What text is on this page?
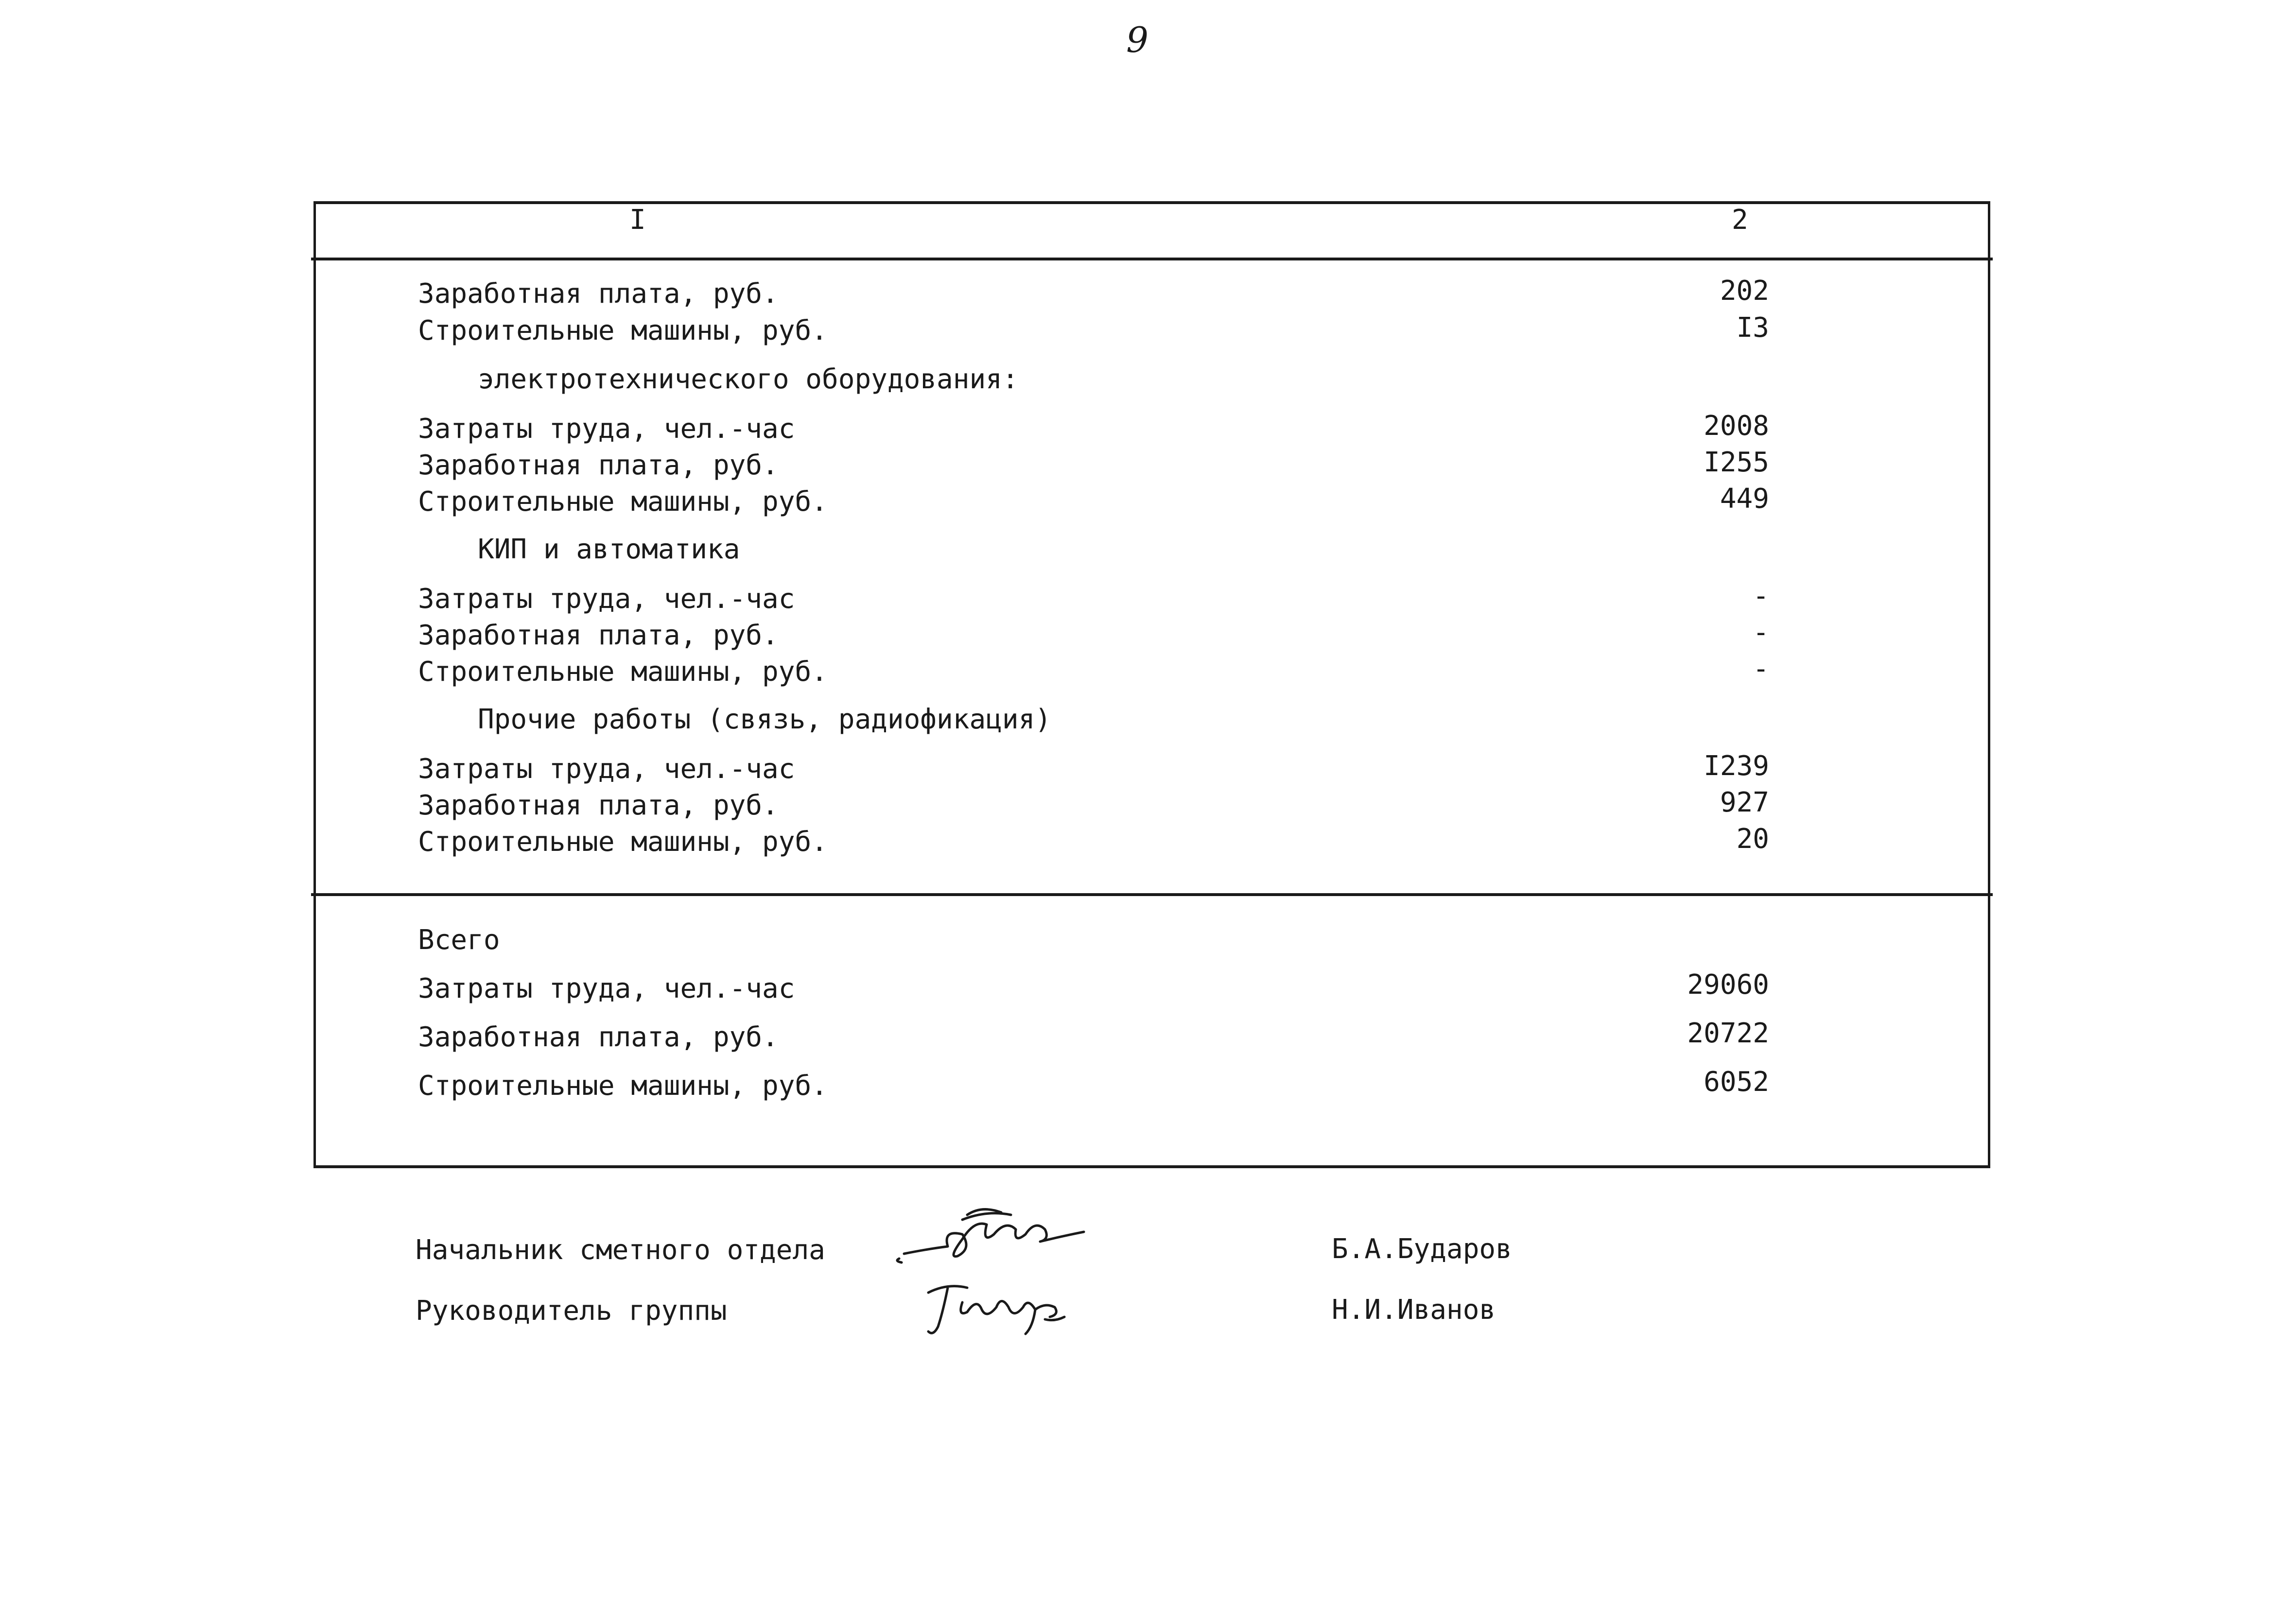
9
I	2
Заработная плата, руб.	202
Строительные машины, руб.	I3
электротехнического оборудования:
Затраты труда, чел.-час	2008
Заработная плата, руб.	I255
Строительные машины, руб.	449
КИП и автоматика
Затраты труда, чел.-час	-
Заработная плата, руб.	-
Строительные машины, руб.	-
Прочие работы (связь, радиофикация)
Затраты труда, чел.-час	I239
Заработная плата, руб.	927
Строительные машины, руб.	20
Всего
Затраты труда, чел.-час	29060
Заработная плата, руб.	20722
Строительные машины, руб.	6052
Начальник сметного отдела	Б.А.Бударов
Руководитель группы	Н.И.Иванов
